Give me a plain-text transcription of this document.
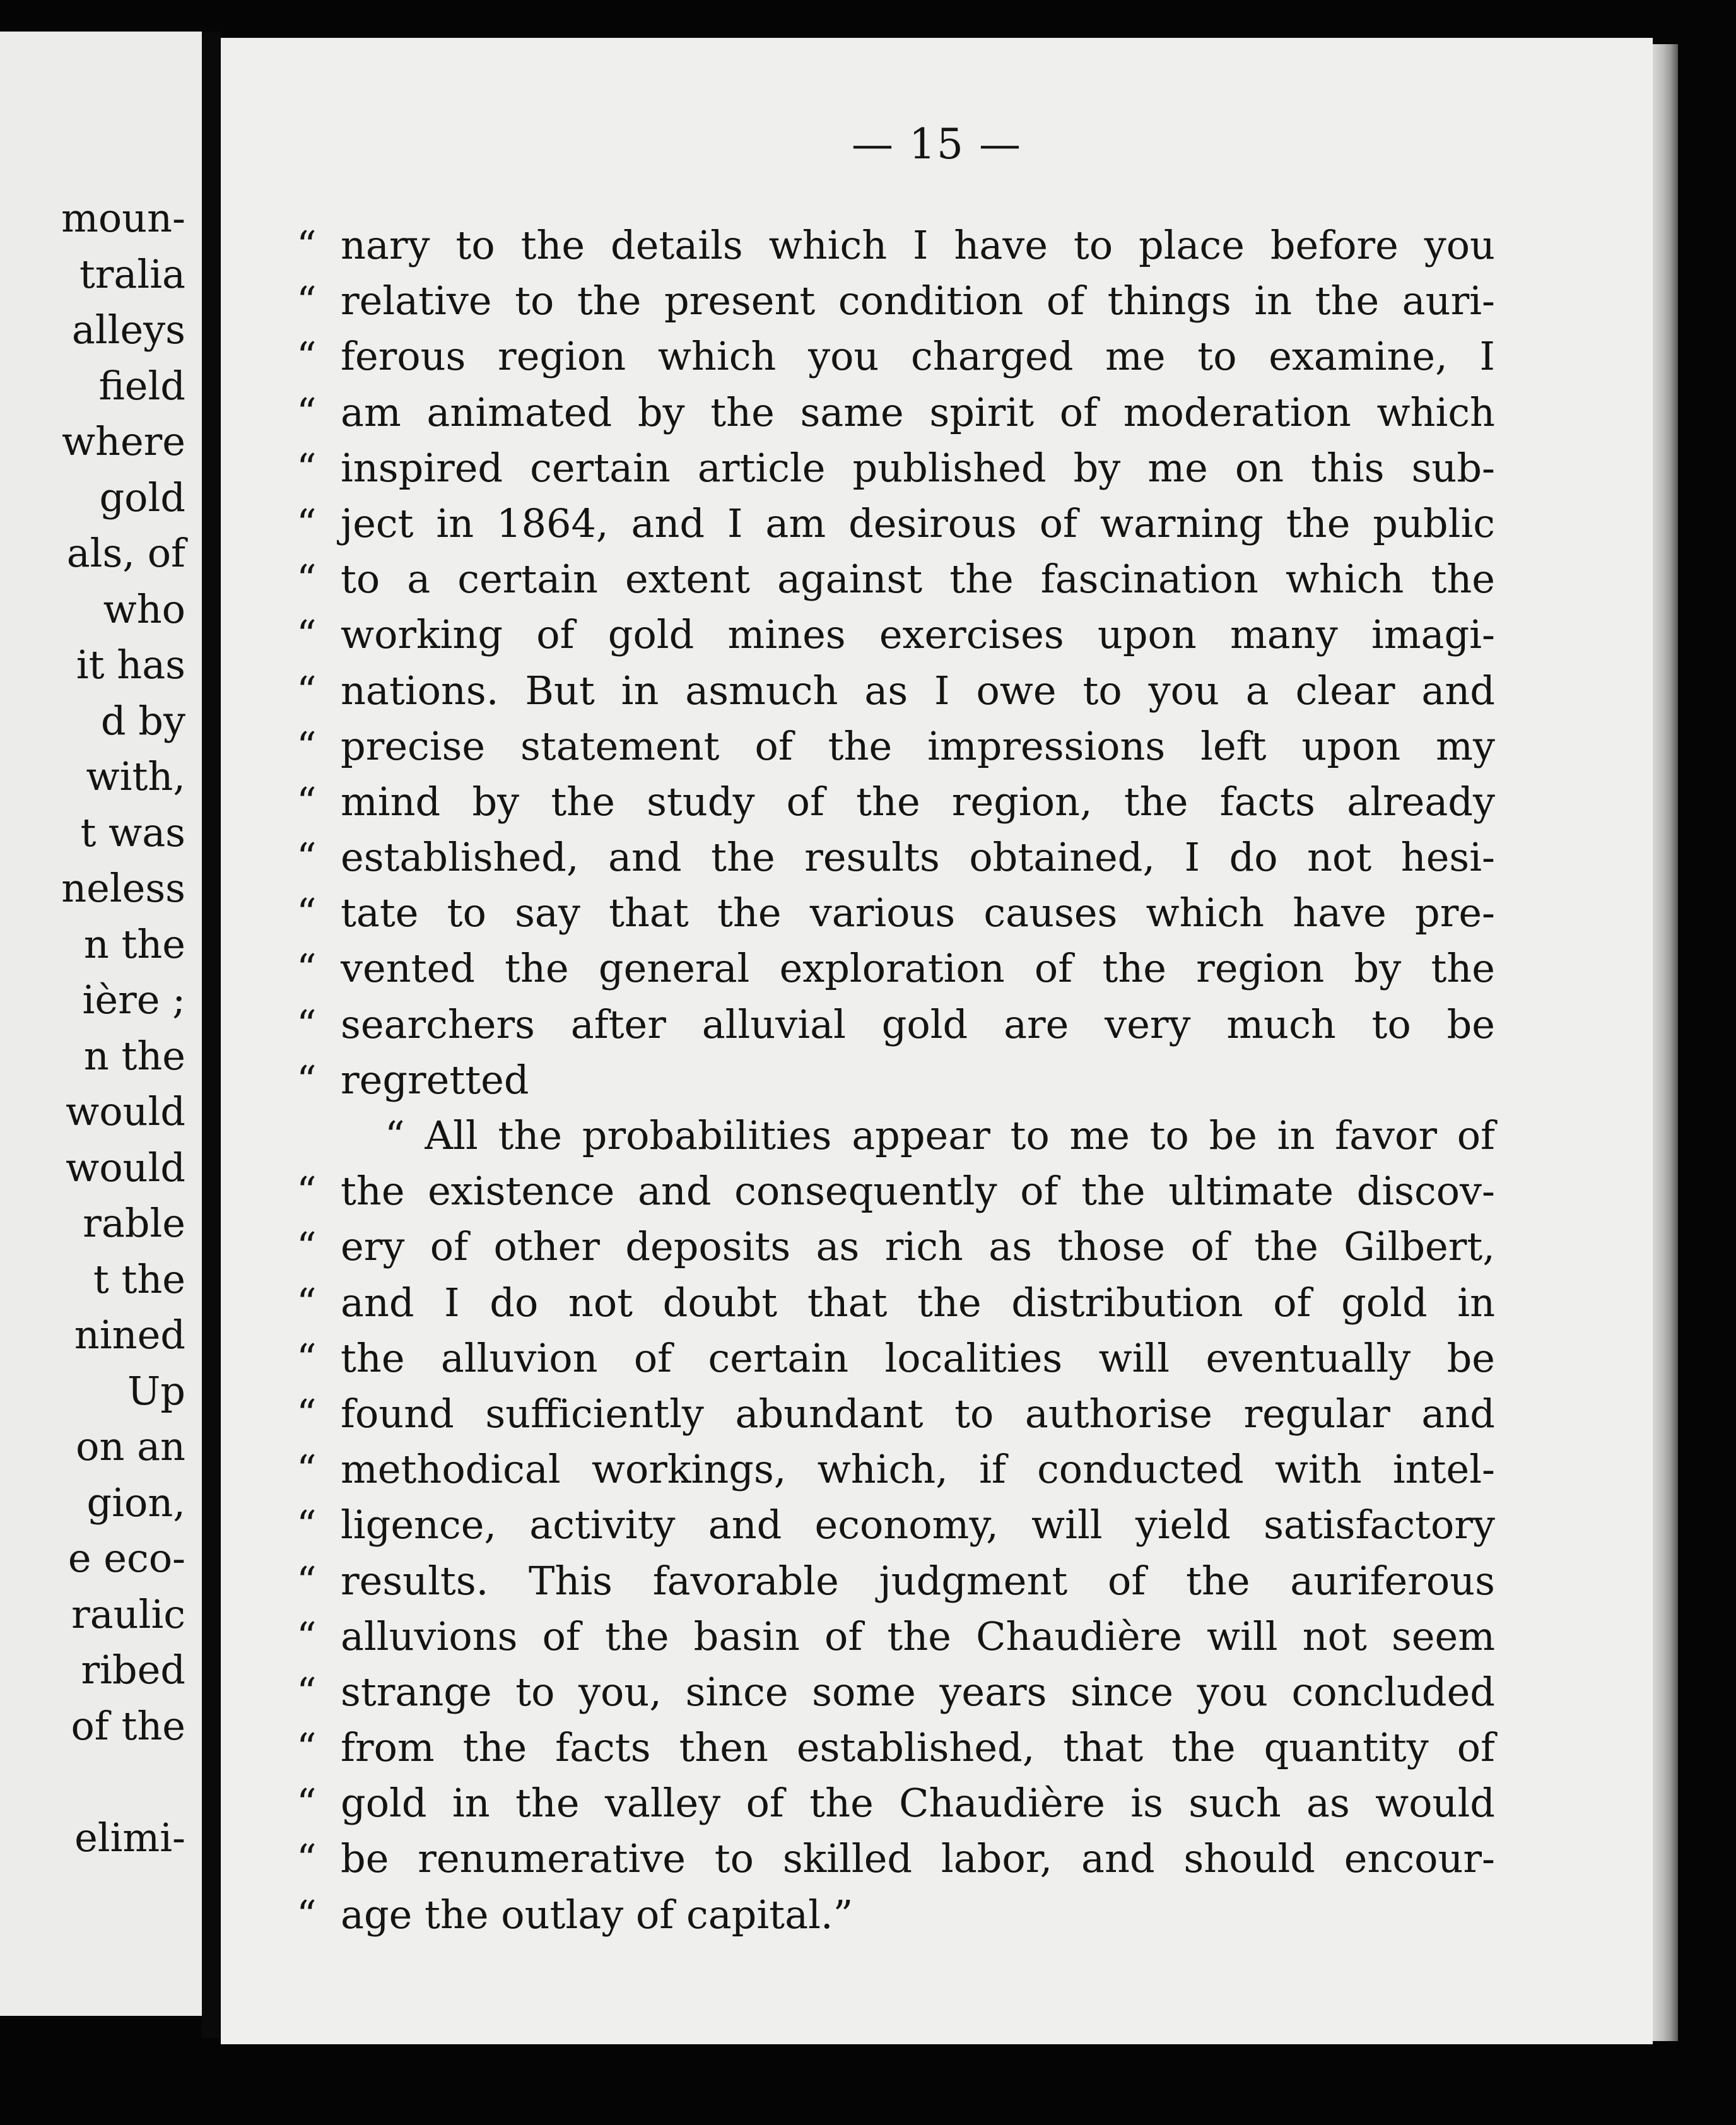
moun-
tralia
alleys
field
where
gold
als, of
who
it has
d by
with,
t was
neless
n the
ière ;
n the
would
would
rable
t the
nined
Up
on an
gion,
e eco-
raulic
ribed
of the
elimi-
— 15 —
“ nary to the details which I have to place before you
“ relative to the present condition of things in the auri-
“ ferous region which you charged me to examine, I
“ am animated by the same spirit of moderation which
“ inspired certain article published by me on this sub-
“ ject in 1864, and I am desirous of warning the public
“ to a certain extent against the fascination which the
“ working of gold mines exercises upon many imagi-
“ nations. But in asmuch as I owe to you a clear and
“ precise statement of the impressions left upon my
“ mind by the study of the region, the facts already
“ established, and the results obtained, I do not hesi-
“ tate to say that the various causes which have pre-
“ vented the general exploration of the region by the
“ searchers after alluvial gold are very much to be
“ regretted
“ All the probabilities appear to me to be in favor of
“ the existence and consequently of the ultimate discov-
“ ery of other deposits as rich as those of the Gilbert,
“ and I do not doubt that the distribution of gold in
“ the alluvion of certain localities will eventually be
“ found sufficiently abundant to authorise regular and
“ methodical workings, which, if conducted with intel-
“ ligence, activity and economy, will yield satisfactory
“ results. This favorable judgment of the auriferous
“ alluvions of the basin of the Chaudière will not seem
“ strange to you, since some years since you concluded
“ from the facts then established, that the quantity of
“ gold in the valley of the Chaudière is such as would
“ be renumerative to skilled labor, and should encour-
“ age the outlay of capital.”
